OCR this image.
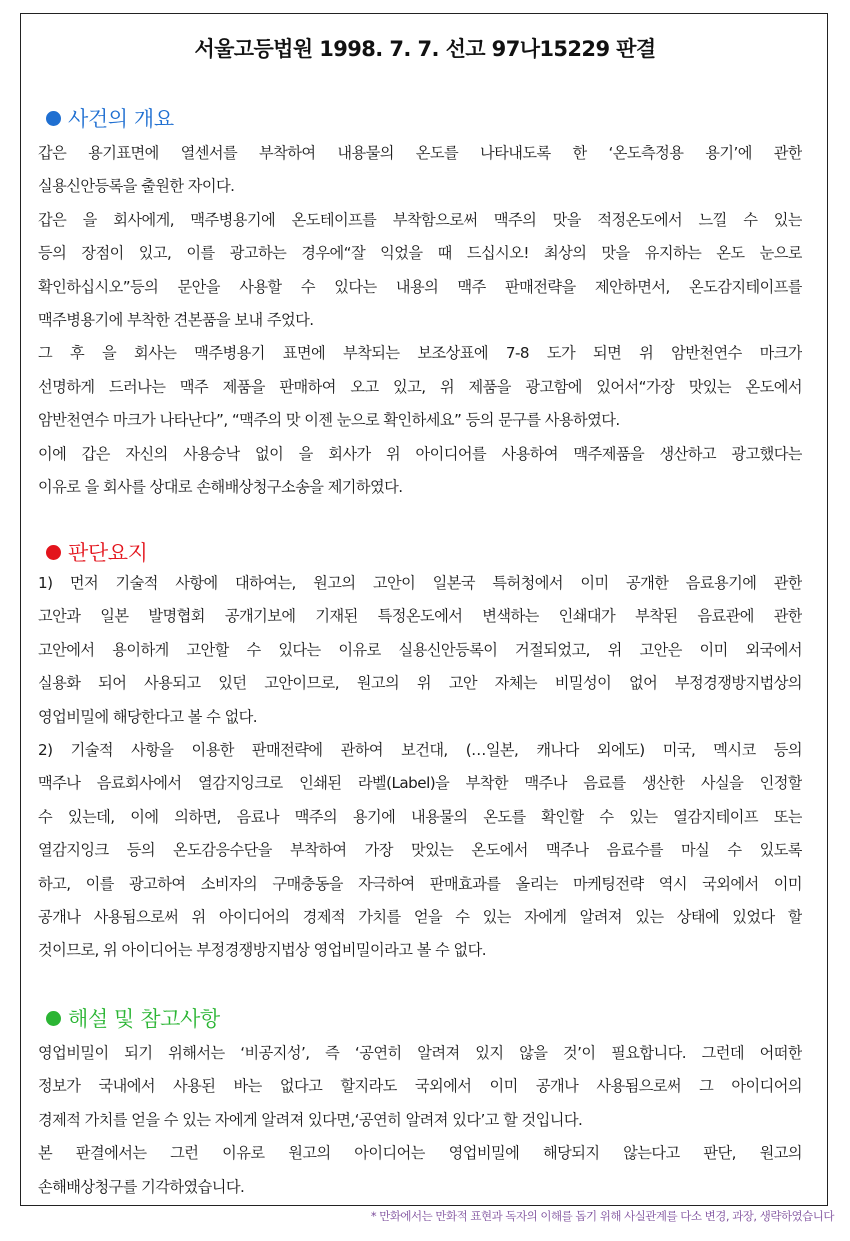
서울고등법원 1998. 7. 7. 선고 97나15229 판결
사건의 개요

갑은 용기표면에 열센서를 부착하여 내용물의 온도를 나타내도록 한 ‘온도측정용 용기’에 관한
실용신안등록을 출원한 자이다.
갑은 을 회사에게, 맥주병용기에 온도테이프를 부착함으로써 맥주의 맛을 적정온도에서 느낄 수 있는
등의 장점이 있고, 이를 광고하는 경우에“잘 익었을 때 드십시오! 최상의 맛을 유지하는 온도 눈으로
확인하십시오”등의 문안을 사용할 수 있다는 내용의 맥주 판매전략을 제안하면서, 온도감지테이프를
맥주병용기에 부착한 견본품을 보내 주었다.
그 후 을 회사는 맥주병용기 표면에 부착되는 보조상표에 7-8 도가 되면 위 암반천연수 마크가
선명하게 드러나는 맥주 제품을 판매하여 오고 있고, 위 제품을 광고함에 있어서“가장 맛있는 온도에서
암반천연수 마크가 나타난다”, “맥주의 맛 이젠 눈으로 확인하세요” 등의 문구를 사용하였다.
이에 갑은 자신의 사용승낙 없이 을 회사가 위 아이디어를 사용하여 맥주제품을 생산하고 광고했다는
이유로 을 회사를 상대로 손해배상청구소송을 제기하였다.

판단요지

1) 먼저 기술적 사항에 대하여는, 원고의 고안이 일본국 특허청에서 이미 공개한 음료용기에 관한
고안과 일본 발명협회 공개기보에 기재된 특정온도에서 변색하는 인쇄대가 부착된 음료관에 관한
고안에서 용이하게 고안할 수 있다는 이유로 실용신안등록이 거절되었고, 위 고안은 이미 외국에서
실용화 되어 사용되고 있던 고안이므로, 원고의 위 고안 자체는 비밀성이 없어 부정경쟁방지법상의
영업비밀에 해당한다고 볼 수 없다.
2) 기술적 사항을 이용한 판매전략에 관하여 보건대, (…일본, 캐나다 외에도) 미국, 멕시코 등의
맥주나 음료회사에서 열감지잉크로 인쇄된 라벨(Label)을 부착한 맥주나 음료를 생산한 사실을 인정할
수 있는데, 이에 의하면, 음료나 맥주의 용기에 내용물의 온도를 확인할 수 있는 열감지테이프 또는
열감지잉크 등의 온도감응수단을 부착하여 가장 맛있는 온도에서 맥주나 음료수를 마실 수 있도록
하고, 이를 광고하여 소비자의 구매충동을 자극하여 판매효과를 올리는 마케팅전략 역시 국외에서 이미
공개나 사용됨으로써 위 아이디어의 경제적 가치를 얻을 수 있는 자에게 알려져 있는 상태에 있었다 할
것이므로, 위 아이디어는 부정경쟁방지법상 영업비밀이라고 볼 수 없다.

해설 및 참고사항

영업비밀이 되기 위해서는 ‘비공지성’, 즉 ‘공연히 알려져 있지 않을 것’이 필요합니다. 그런데 어떠한
정보가 국내에서 사용된 바는 없다고 할지라도 국외에서 이미 공개나 사용됨으로써 그 아이디어의
경제적 가치를 얻을 수 있는 자에게 알려져 있다면,‘공연히 알려져 있다’고 할 것입니다.
본 판결에서는 그런 이유로 원고의 아이디어는 영업비밀에 해당되지 않는다고 판단, 원고의
손해배상청구를 기각하였습니다.

* 만화에서는 만화적 표현과 독자의 이해를 돕기 위해 사실관계를 다소 변경, 과장, 생략하였습니다
